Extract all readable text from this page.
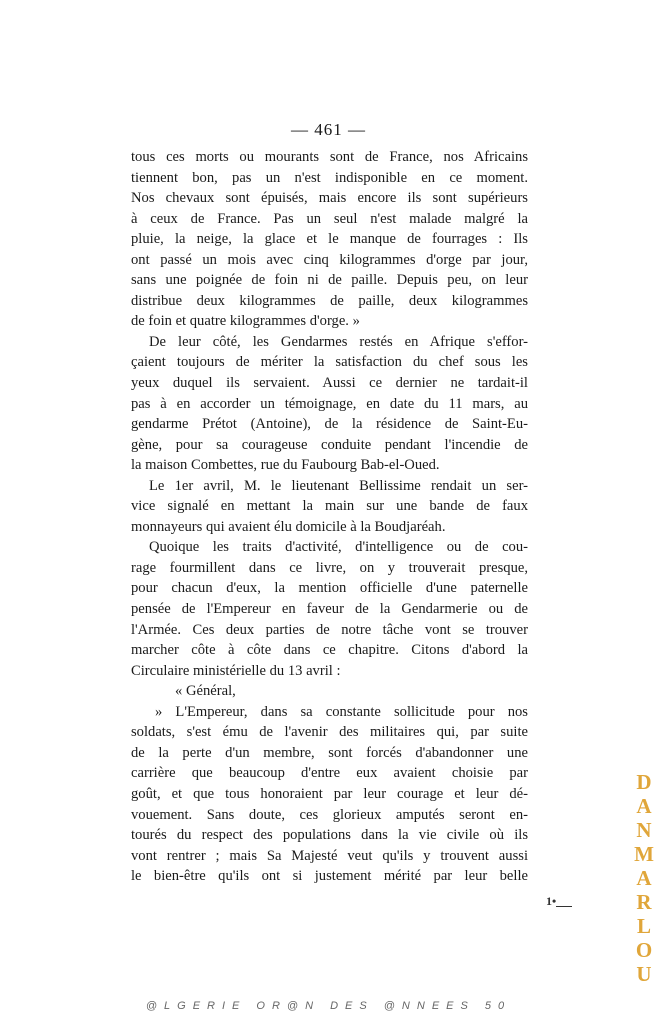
— 461 —
tous ces morts ou mourants sont de France, nos Africains
tiennent bon, pas un n'est indisponible en ce moment.
Nos chevaux sont épuisés, mais encore ils sont supérieurs
à ceux de France. Pas un seul n'est malade malgré la
pluie, la neige, la glace et le manque de fourrages : Ils
ont passé un mois avec cinq kilogrammes d'orge par jour,
sans une poignée de foin ni de paille. Depuis peu, on leur
distribue deux kilogrammes de paille, deux kilogrammes
de foin et quatre kilogrammes d'orge. »
De leur côté, les Gendarmes restés en Afrique s'effor-
çaient toujours de mériter la satisfaction du chef sous les
yeux duquel ils servaient. Aussi ce dernier ne tardait-il
pas à en accorder un témoignage, en date du 11 mars, au
gendarme Prétot (Antoine), de la résidence de Saint-Eu-
gène, pour sa courageuse conduite pendant l'incendie de
la maison Combettes, rue du Faubourg Bab-el-Oued.
Le 1er avril, M. le lieutenant Bellissime rendait un ser-
vice signalé en mettant la main sur une bande de faux
monnayeurs qui avaient élu domicile à la Boudjaréah.
Quoique les traits d'activité, d'intelligence ou de cou-
rage fourmillent dans ce livre, on y trouverait presque,
pour chacun d'eux, la mention officielle d'une paternelle
pensée de l'Empereur en faveur de la Gendarmerie ou de
l'Armée. Ces deux parties de notre tâche vont se trouver
marcher côte à côte dans ce chapitre. Citons d'abord la
Circulaire ministérielle du 13 avril :
« Général,
» L'Empereur, dans sa constante sollicitude pour nos
soldats, s'est ému de l'avenir des militaires qui, par suite
de la perte d'un membre, sont forcés d'abandonner une
carrière que beaucoup d'entre eux avaient choisie par
goût, et que tous honoraient par leur courage et leur dé-
vouement. Sans doute, ces glorieux amputés seront en-
tourés du respect des populations dans la vie civile où ils
vont rentrer ; mais Sa Majesté veut qu'ils y trouvent aussi
le bien-être qu'ils ont si justement mérité par leur belle
D
A
N
M
A
R
L
O
U
1•
@LGERIE OR@N DES @NNEES 50
